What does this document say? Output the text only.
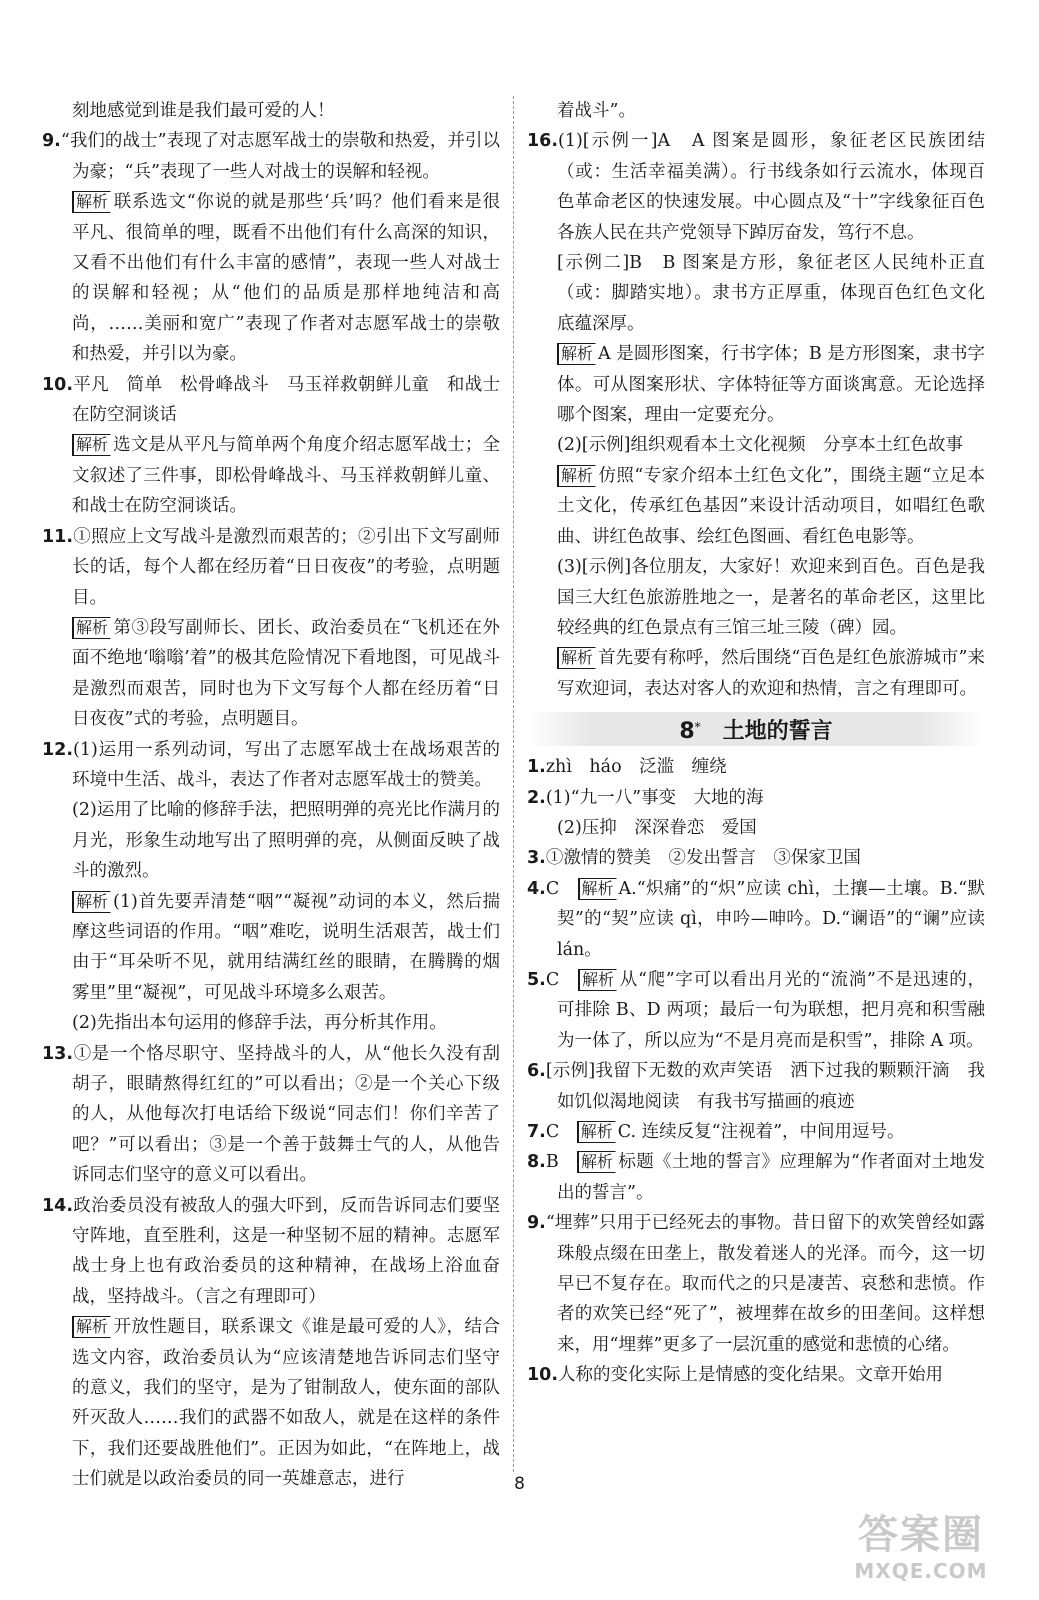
刻地感觉到谁是我们最可爱的人！

9.“我们的战士”表现了对志愿军战士的崇敬和热爱，并引以为豪；“兵”表现了一些人对战士的误解和轻视。

解析 联系选文“你说的就是那些‘兵’吗？他们看来是很平凡、很简单的哩，既看不出他们有什么高深的知识，又看不出他们有什么丰富的感情”，表现一些人对战士的误解和轻视；从“他们的品质是那样地纯洁和高尚，……美丽和宽广”表现了作者对志愿军战士的崇敬和热爱，并引以为豪。

10.平凡　简单　松骨峰战斗　马玉祥救朝鲜儿童　和战士在防空洞谈话

解析 选文是从平凡与简单两个角度介绍志愿军战士；全文叙述了三件事，即松骨峰战斗、马玉祥救朝鲜儿童、和战士在防空洞谈话。

11.①照应上文写战斗是激烈而艰苦的；②引出下文写副师长的话，每个人都在经历着“日日夜夜”的考验，点明题目。

解析 第③段写副师长、团长、政治委员在“飞机还在外面不绝地‘嗡嗡’着”的极其危险情况下看地图，可见战斗是激烈而艰苦，同时也为下文写每个人都在经历着“日日夜夜”式的考验，点明题目。

12.(1)运用一系列动词，写出了志愿军战士在战场艰苦的环境中生活、战斗，表达了作者对志愿军战士的赞美。

(2)运用了比喻的修辞手法，把照明弹的亮光比作满月的月光，形象生动地写出了照明弹的亮，从侧面反映了战斗的激烈。

解析 (1)首先要弄清楚“咽”“凝视”动词的本义，然后揣摩这些词语的作用。“咽”难吃，说明生活艰苦，战士们由于“耳朵听不见，就用结满红丝的眼睛，在腾腾的烟雾里”里“凝视”，可见战斗环境多么艰苦。

(2)先指出本句运用的修辞手法，再分析其作用。

13.①是一个恪尽职守、坚持战斗的人，从“他长久没有刮胡子，眼睛熬得红红的”可以看出；②是一个关心下级的人，从他每次打电话给下级说“同志们！你们辛苦了吧？”可以看出；③是一个善于鼓舞士气的人，从他告诉同志们坚守的意义可以看出。

14.政治委员没有被敌人的强大吓到，反而告诉同志们要坚守阵地，直至胜利，这是一种坚韧不屈的精神。志愿军战士身上也有政治委员的这种精神，在战场上浴血奋战，坚持战斗。（言之有理即可）

解析 开放性题目，联系课文《谁是最可爱的人》，结合选文内容，政治委员认为“应该清楚地告诉同志们坚守的意义，我们的坚守，是为了钳制敌人，使东面的部队歼灭敌人……我们的武器不如敌人，就是在这样的条件下，我们还要战胜他们”。正因为如此，“在阵地上，战士们就是以政治委员的同一英雄意志，进行

着战斗”。

16.(1)[示例一]A　A 图案是圆形，象征老区民族团结（或：生活幸福美满）。行书线条如行云流水，体现百色革命老区的快速发展。中心圆点及“十”字线象征百色各族人民在共产党领导下踔厉奋发，笃行不息。

[示例二]B　B 图案是方形，象征老区人民纯朴正直（或：脚踏实地）。隶书方正厚重，体现百色红色文化底蕴深厚。

解析 A 是圆形图案，行书字体；B 是方形图案，隶书字体。可从图案形状、字体特征等方面谈寓意。无论选择哪个图案，理由一定要充分。

(2)[示例]组织观看本土文化视频　分享本土红色故事

解析 仿照“专家介绍本土红色文化”，围绕主题“立足本土文化，传承红色基因”来设计活动项目，如唱红色歌曲、讲红色故事、绘红色图画、看红色电影等。

(3)[示例]各位朋友，大家好！欢迎来到百色。百色是我国三大红色旅游胜地之一，是著名的革命老区，这里比较经典的红色景点有三馆三址三陵（碑）园。

解析 首先要有称呼，然后围绕“百色是红色旅游城市”来写欢迎词，表达对客人的欢迎和热情，言之有理即可。

8*　 土地的誓言

1.zhì　háo　泛滥　缠绕

2.(1)“九一八”事变　大地的海

(2)压抑　深深眷恋　爱国

3.①激情的赞美　②发出誓言　③保家卫国

4.C　 解析 A.“炽痛”的“炽”应读 chì，土攘—土壤。B.“默契”的“契”应读 qì，申吟—呻吟。D.“谰语”的“谰”应读 lán。

5.C　 解析 从“爬”字可以看出月光的“流淌”不是迅速的，可排除 B、D 两项；最后一句为联想，把月亮和积雪融为一体了，所以应为“不是月亮而是积雪”，排除 A 项。

6.[示例]我留下无数的欢声笑语　洒下过我的颗颗汗滴　我如饥似渴地阅读　有我书写描画的痕迹

7.C　 解析 C. 连续反复“注视着”，中间用逗号。

8.B　 解析 标题《土地的誓言》应理解为“作者面对土地发出的誓言”。

9.“埋葬”只用于已经死去的事物。昔日留下的欢笑曾经如露珠般点缀在田垄上，散发着迷人的光泽。而今，这一切早已不复存在。取而代之的只是凄苦、哀愁和悲愤。作者的欢笑已经“死了”，被埋葬在故乡的田垄间。这样想来，用“埋葬”更多了一层沉重的感觉和悲愤的心绪。

10.人称的变化实际上是情感的变化结果。文章开始用

8
答案圈
MXQE.COM
